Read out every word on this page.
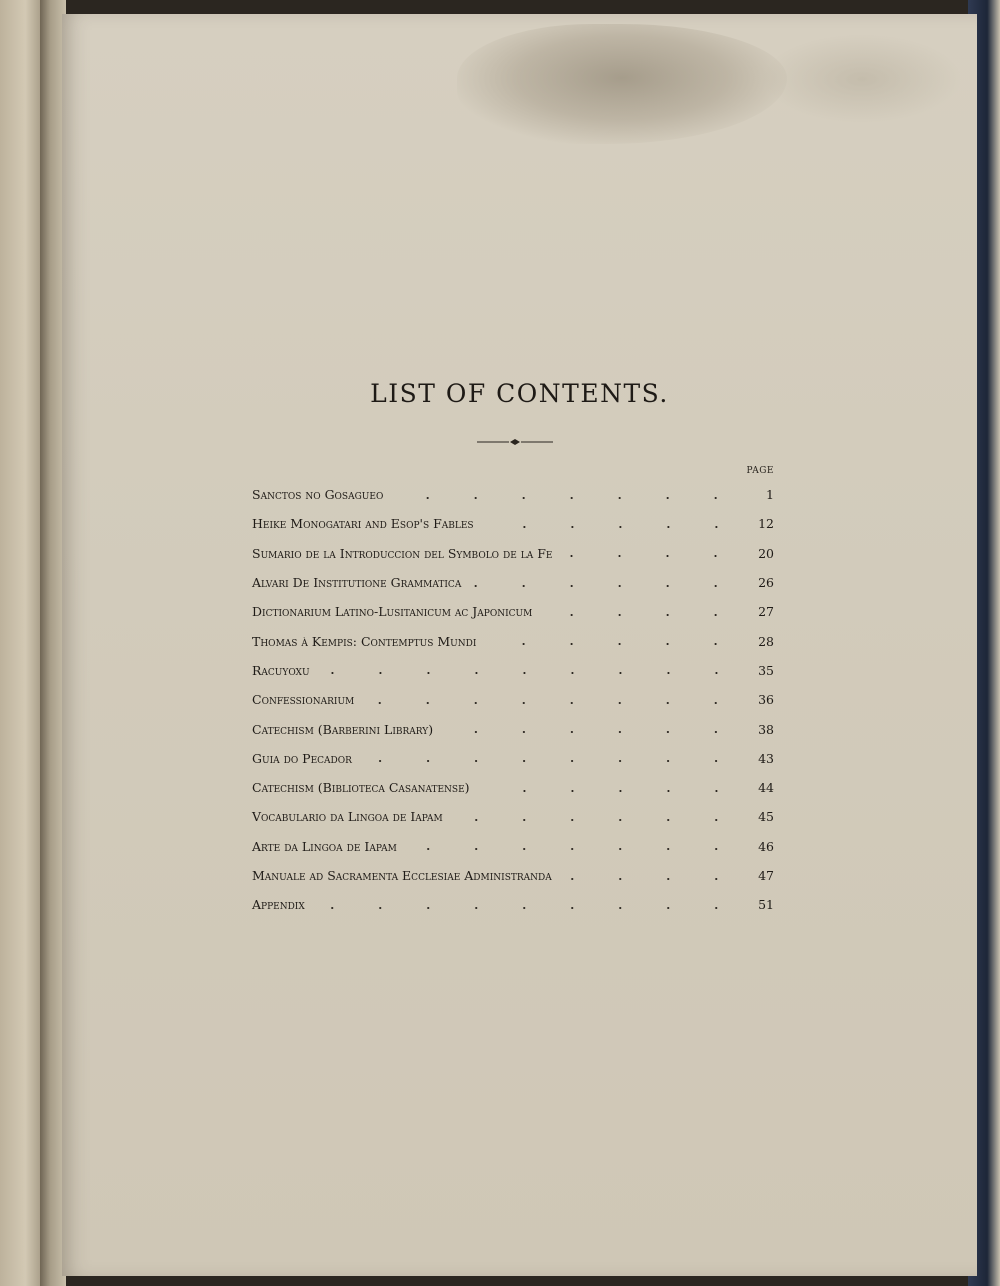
LIST OF CONTENTS.
PAGE
Sanctos no Gosagueo	1
Heike Monogatari and Esop's Fables	12
Sumario de la Introduccion del Symbolo de la Fe	20
Alvari De Institutione Grammatica	26
Dictionarium Latino-Lusitanicum ac Japonicum	27
Thomas à Kempis: Contemptus Mundi	28
Racuyoxu	35
Confessionarium	36
Catechism (Barberini Library)	38
Guia do Pecador	43
Catechism (Biblioteca Casanatense)	44
Vocabulario da Lingoa de Iapam	45
Arte da Lingoa de Iapam	46
Manuale ad Sacramenta Ecclesiae Administranda	47
Appendix	51
